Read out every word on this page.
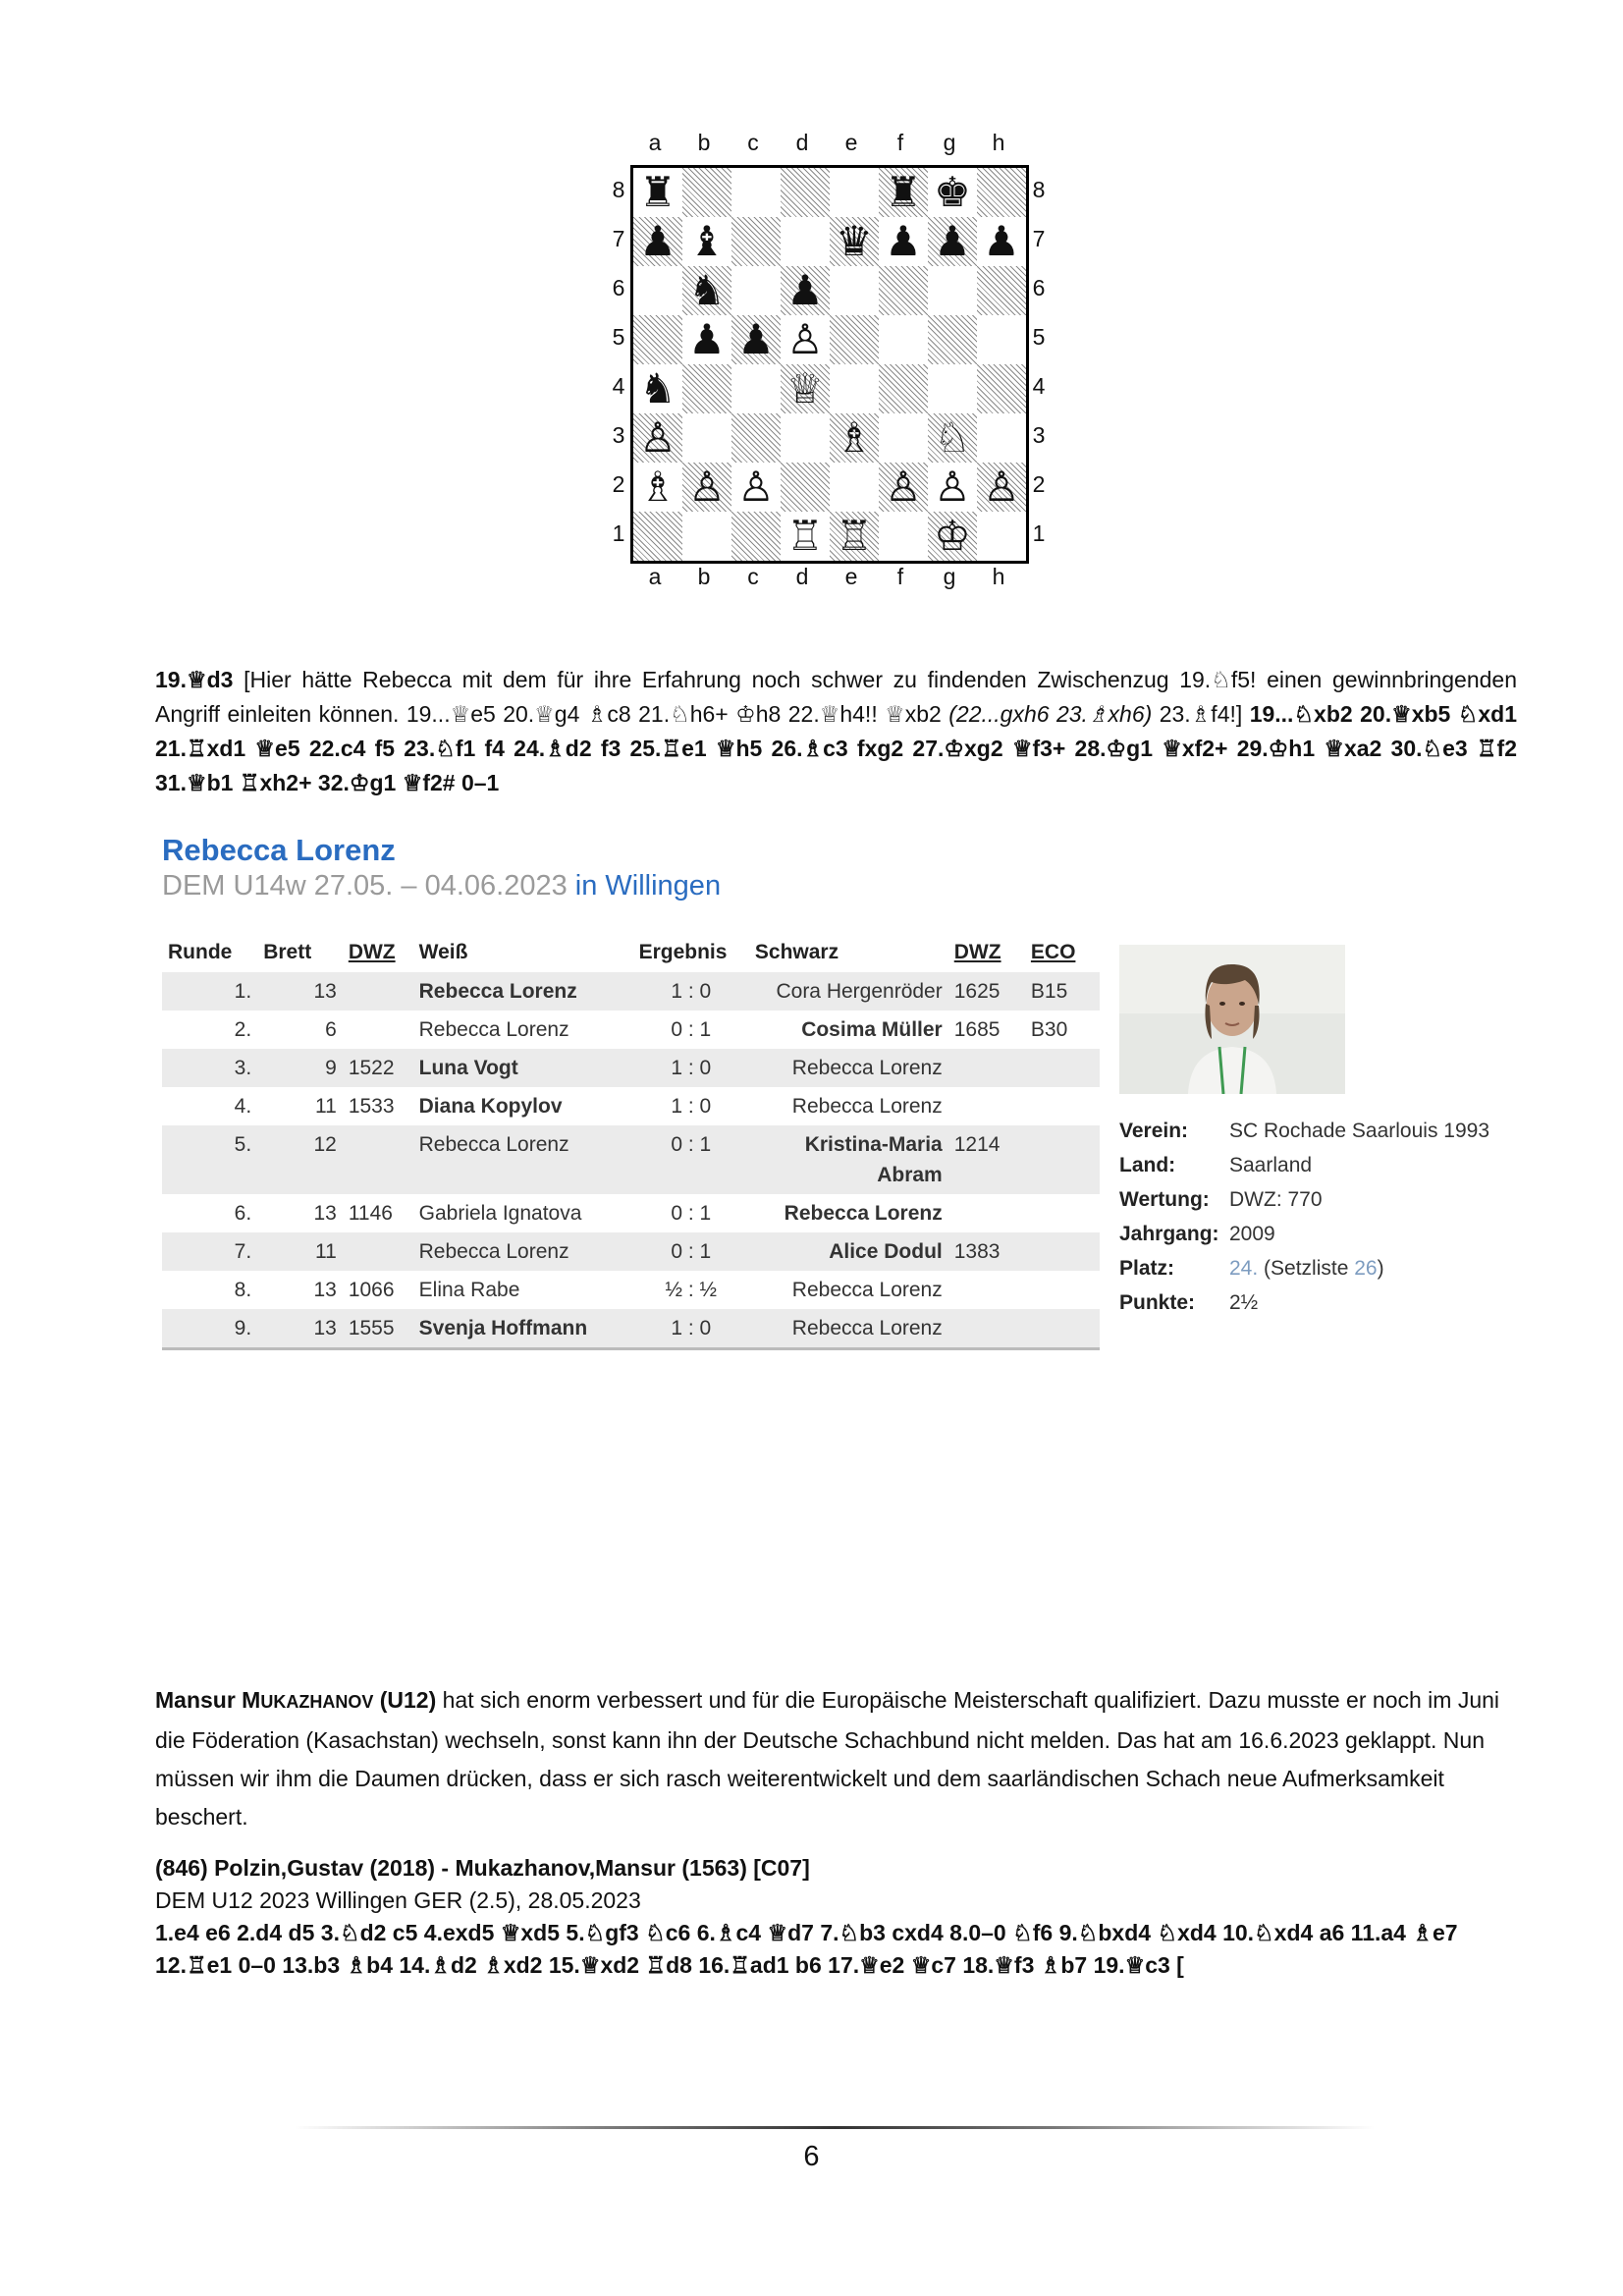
a	b	c	d	e	f	g	h
8
7
6
5
4
3
2
1
♜	♜ ♚
♟ ♝	♛ ♟ ♟ ♟
♞ ♟
♟ ♟ ♙
♞	♕
♙	♗ ♘
♗ ♙ ♙	♙ ♙ ♙
♖ ♖ ♔
8
7
6
5
4
3
2
1
a	b	c	d	e	f	g	h
19.♕d3 [Hier hätte Rebecca mit dem für ihre Erfahrung noch schwer zu findenden Zwischenzug 19.♘f5! einen gewinnbringenden Angriff einleiten können. 19...♕e5 20.♕g4 ♗c8 21.♘h6+ ♔h8 22.♕h4!! ♕xb2 (22...gxh6 23.♗xh6) 23.♗f4!] 19...♘xb2 20.♕xb5 ♘xd1 21.♖xd1 ♕e5 22.c4 f5 23.♘f1 f4 24.♗d2 f3 25.♖e1 ♕h5 26.♗c3 fxg2 27.♔xg2 ♕f3+ 28.♔g1 ♕xf2+ 29.♔h1 ♕xa2 30.♘e3 ♖f2 31.♕b1 ♖xh2+ 32.♔g1 ♕f2# 0–1
Rebecca Lorenz
DEM U14w 27.05. – 04.06.2023 in Willingen
Runde	Brett	DWZ	Weiß	Ergebnis	Schwarz	DWZ	ECO
1.	13		Rebecca Lorenz	1 : 0	Cora Hergenröder	1625	B15
2.	6		Rebecca Lorenz	0 : 1	Cosima Müller	1685	B30
3.	9	1522	Luna Vogt	1 : 0	Rebecca Lorenz		
4.	11	1533	Diana Kopylov	1 : 0	Rebecca Lorenz		
5.	12		Rebecca Lorenz	0 : 1	Kristina-Maria Abram	1214	
6.	13	1146	Gabriela Ignatova	0 : 1	Rebecca Lorenz		
7.	11		Rebecca Lorenz	0 : 1	Alice Dodul	1383	
8.	13	1066	Elina Rabe	½ : ½	Rebecca Lorenz		
9.	13	1555	Svenja Hoffmann	1 : 0	Rebecca Lorenz		
Verein:	SC Rochade Saarlouis 1993
Land:	Saarland
Wertung: DWZ: 770
Jahrgang: 2009
Platz:	24. (Setzliste 26)
Punkte:	2½
Mansur MUKAZHANOV (U12) hat sich enorm verbessert und für die Europäische Meisterschaft qualifiziert. Dazu musste er noch im Juni die Föderation (Kasachstan) wechseln, sonst kann ihn der Deutsche Schachbund nicht melden. Das hat am 16.6.2023 geklappt. Nun müssen wir ihm die Daumen drücken, dass er sich rasch weiterentwickelt und dem saarländischen Schach neue Aufmerksamkeit beschert.
(846) Polzin,Gustav (2018) - Mukazhanov,Mansur (1563) [C07]
DEM U12 2023 Willingen GER (2.5), 28.05.2023
1.e4 e6 2.d4 d5 3.♘d2 c5 4.exd5 ♕xd5 5.♘gf3 ♘c6 6.♗c4 ♕d7 7.♘b3 cxd4 8.0–0 ♘f6 9.♘bxd4 ♘xd4 10.♘xd4 a6 11.a4 ♗e7 12.♖e1 0–0 13.b3 ♗b4 14.♗d2 ♗xd2 15.♕xd2 ♖d8 16.♖ad1 b6 17.♕e2 ♕c7 18.♕f3 ♗b7 19.♕c3 [
6
